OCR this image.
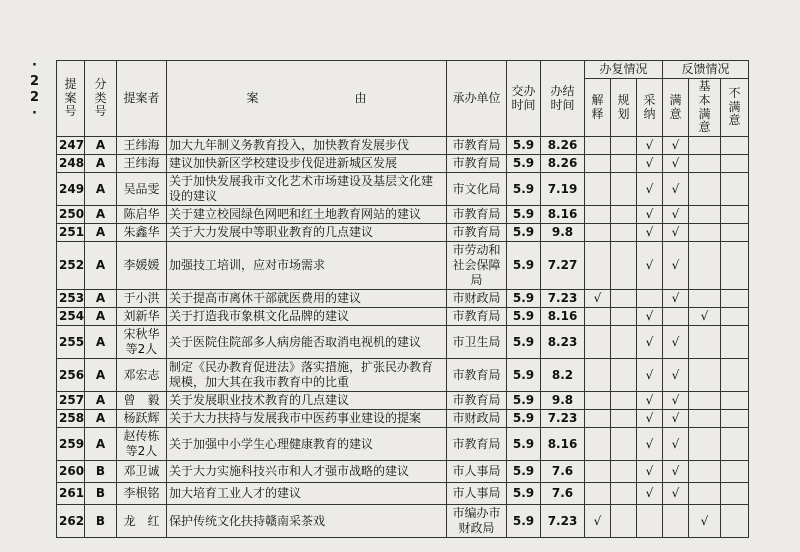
·22· 提案号	分类号	提案者	案　　　　　　　　由	承办单位	交办时间	办结时间	办复情况			反馈情况		
							解释	规划	采纳	满意	基本满意	不满意
247	A	王纬海	加大九年制义务教育投入，加快教育发展步伐	市教育局	5.9	8.26			√	√		
248	A	王纬海	建议加快新区学校建设步伐促进新城区发展	市教育局	5.9	8.26			√	√		
249	A	吴品雯	关于加快发展我市文化艺术市场建设及基层文化建设的建议	市文化局	5.9	7.19			√	√		
250	A	陈启华	关于建立校园绿色网吧和红土地教育网站的建议	市教育局	5.9	8.16			√	√		
251	A	朱鑫华	关于大力发展中等职业教育的几点建议	市教育局	5.9	9.8			√	√		
252	A	李媛媛	加强技工培训，应对市场需求	市劳动和社会保障局	5.9	7.27			√	√		
253	A	于小洪	关于提高市离休干部就医费用的建议	市财政局	5.9	7.23	√			√		
254	A	刘新华	关于打造我市象棋文化品牌的建议	市教育局	5.9	8.16			√		√	
255	A	宋秋华等2人	关于医院住院部多人病房能否取消电视机的建议	市卫生局	5.9	8.23			√	√		
256	A	邓宏志	制定《民办教育促进法》落实措施，扩张民办教育规模，加大其在我市教育中的比重	市教育局	5.9	8.2			√	√		
257	A	曾　毅	关于发展职业技术教育的几点建议	市教育局	5.9	9.8			√	√		
258	A	杨跃辉	关于大力扶持与发展我市中医药事业建设的提案	市财政局	5.9	7.23			√	√		
259	A	赵传栋等2人	关于加强中小学生心理健康教育的建议	市教育局	5.9	8.16			√	√		
260	B	邓卫诚	关于大力实施科技兴市和人才强市战略的建议	市人事局	5.9	7.6			√	√		
261	B	李根铭	加大培育工业人才的建议	市人事局	5.9	7.6			√	√		
262	B	龙　红	保护传统文化扶持赣南采茶戏	市编办市财政局	5.9	7.23	√				√	
